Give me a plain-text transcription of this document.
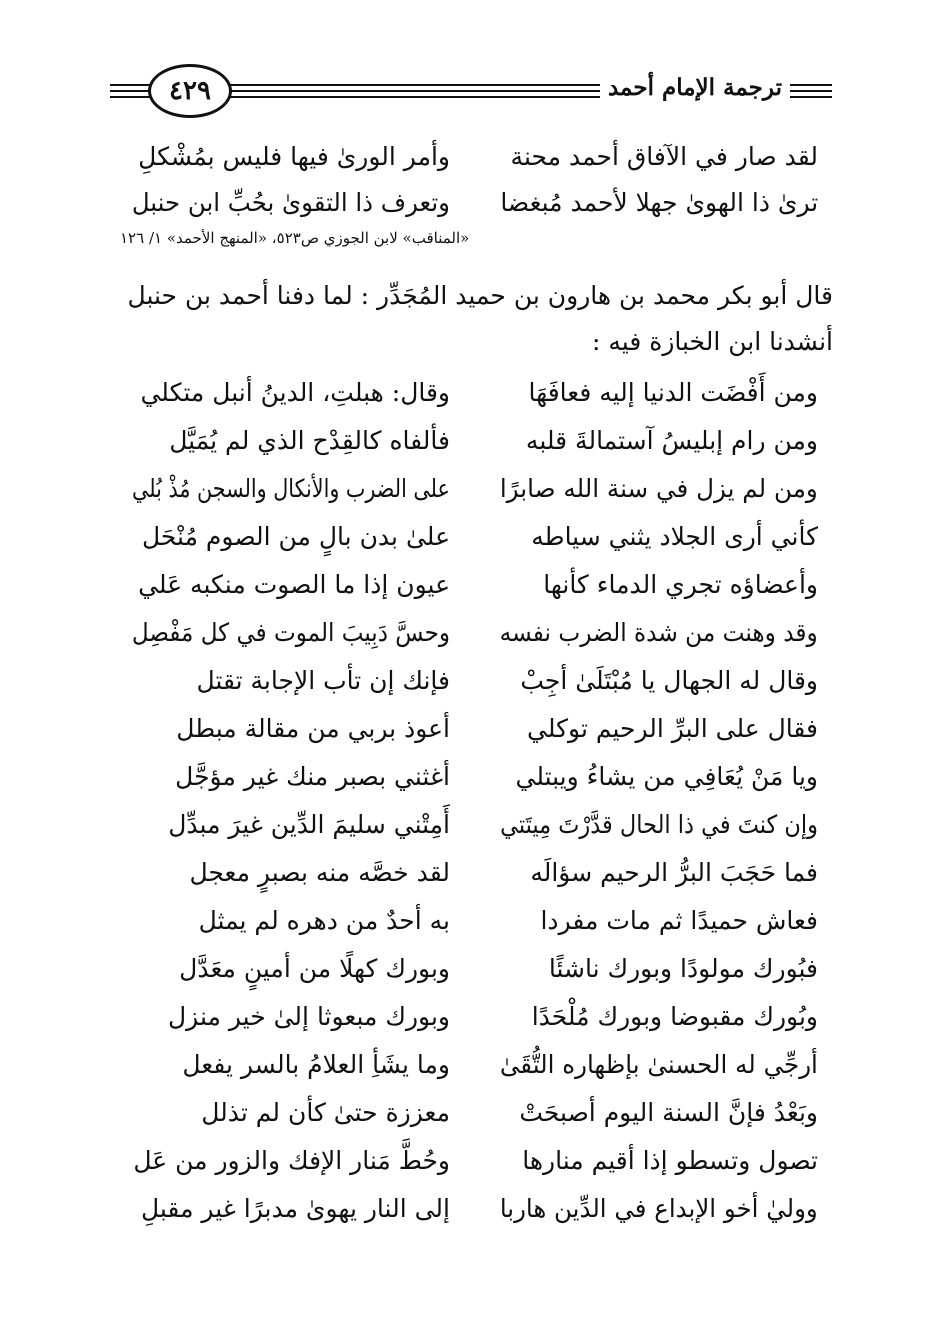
٤٢٩	ترجمة الإمام أحمد
لقد صار في الآفاق أحمد محنة
وأمر الورىٰ فيها فليس بمُشْكلِ
ترىٰ ذا الهوىٰ جهلا لأحمد مُبغضا
وتعرف ذا التقوىٰ بحُبِّ ابن حنبل
«المناقب» لابن الجوزي ص٥٢٣، «المنهج الأحمد» ١/ ١٢٦
قال أبو بكر محمد بن هارون بن حميد المُجَدِّر : لما دفنا أحمد بن حنبل
أنشدنا ابن الخبازة فيه :
ومن أَفْضَت الدنيا إليه فعافَهَا
وقال: هبلتِ، الدينُ أنبل متكلي
ومن رام إبليسُ آستمالةَ قلبه
فألفاه كالقِدْح الذي لم يُمَيَّل
ومن لم يزل في سنة الله صابرًا
على الضرب والأنكال والسجن مُذْ بُلي
كأني أرى الجلاد يثني سياطه
علىٰ بدن بالٍ من الصوم مُنْحَل
وأعضاؤه تجري الدماء كأنها
عيون إذا ما الصوت منكبه عَلي
وقد وهنت من شدة الضرب نفسه
وحسَّ دَبِيبَ الموت في كل مَفْصِل
وقال له الجهال يا مُبْتَلَىٰ أجِبْ
فإنك إن تأب الإجابة تقتل
فقال على البرِّ الرحيم توكلي
أعوذ بربي من مقالة مبطل
ويا مَنْ يُعَافِي من يشاءُ ويبتلي
أغثني بصبر منك غير مؤجَّل
وإن كنتَ في ذا الحال قدَّرْتَ مِيتَتي
أَمِتْني سليمَ الدِّين غيرَ مبدِّل
فما حَجَبَ البرُّ الرحيم سؤالَه
لقد خصَّه منه بصبرٍ معجل
فعاش حميدًا ثم مات مفردا
به أحدٌ من دهره لم يمثل
فبُورك مولودًا وبورك ناشئًا
وبورك كهلًا من أمينٍ معَدَّل
وبُورك مقبوضا وبورك مُلْحَدًا
وبورك مبعوثا إلىٰ خير منزل
أرجِّي له الحسنىٰ بإظهاره التُّقَىٰ
وما يشَأِ العلامُ بالسر يفعل
وبَعْدُ فإنَّ السنة اليوم أصبحَتْ
معززة حتىٰ كأن لم تذلل
تصول وتسطو إذا أقيم منارها
وحُطَّ مَنار الإفك والزور من عَل
ووليٰ أخو الإبداع في الدِّين هاربا
إلى النار يهوىٰ مدبرًا غير مقبلِ
